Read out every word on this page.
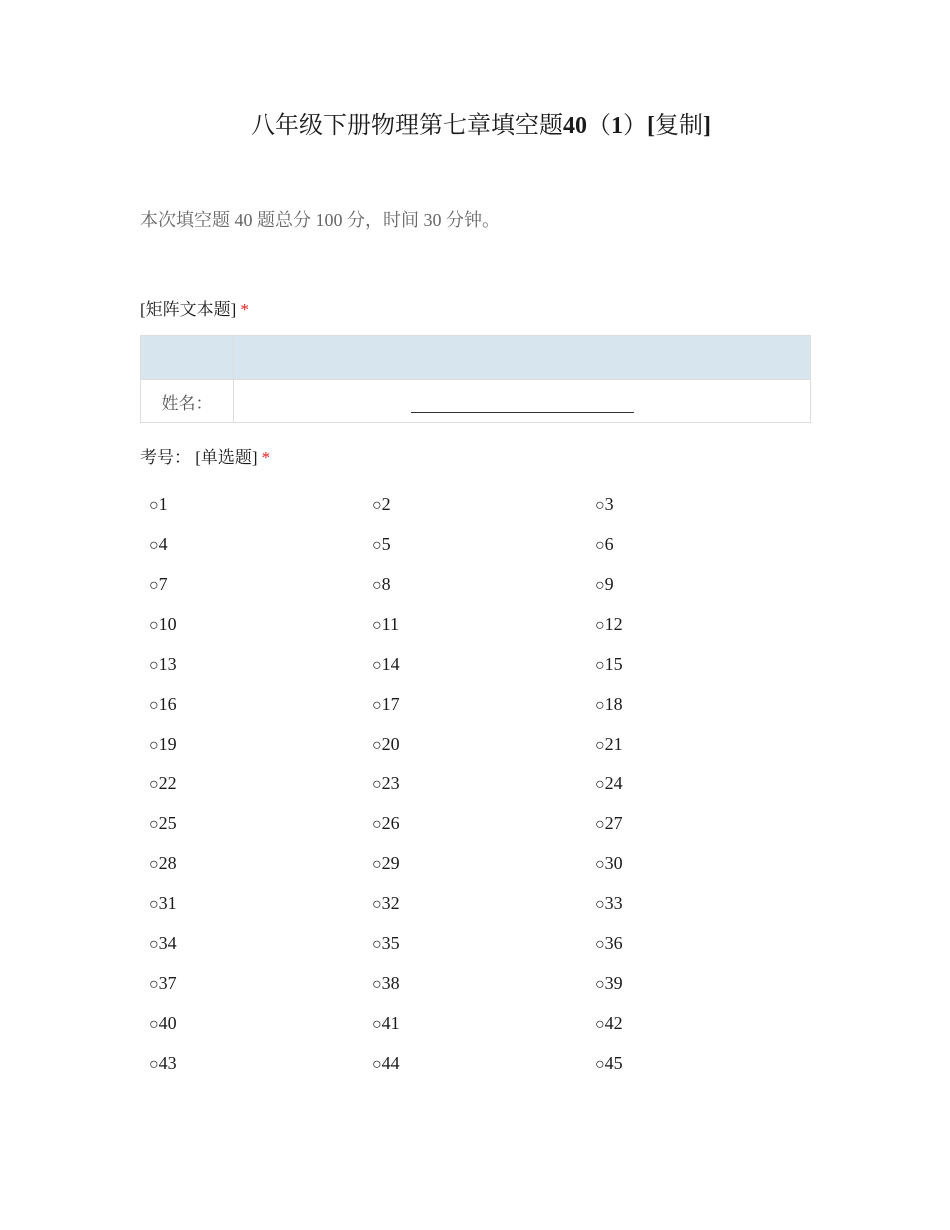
八年级下册物理第七章填空题40（1）[复制]
本次填空题 40 题总分 100 分，时间 30 分钟。
[矩阵文本题] *

姓名：	
考号： [单选题] *
○1	○2	○3
○4	○5	○6
○7	○8	○9
○10	○11	○12
○13	○14	○15
○16	○17	○18
○19	○20	○21
○22	○23	○24
○25	○26	○27
○28	○29	○30
○31	○32	○33
○34	○35	○36
○37	○38	○39
○40	○41	○42
○43	○44	○45
